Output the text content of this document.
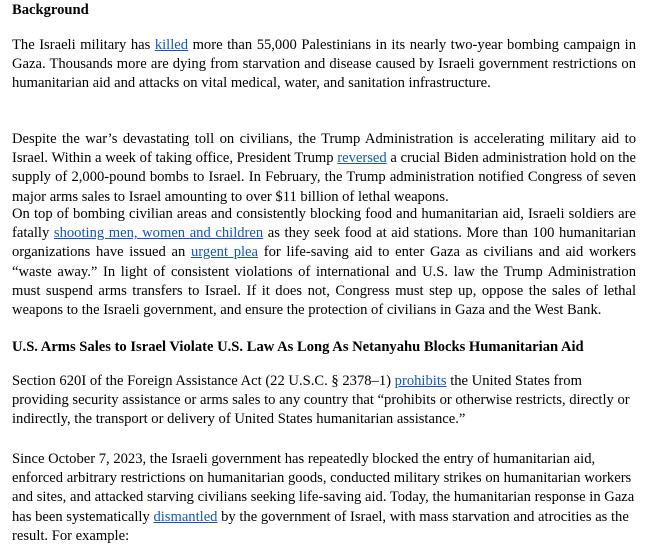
Background

The Israeli military has killed more than 55,000 Palestinians in its nearly two-year bombing campaign in Gaza. Thousands more are dying from starvation and disease caused by Israeli government restrictions on humanitarian aid and attacks on vital medical, water, and sanitation infrastructure.

Despite the war’s devastating toll on civilians, the Trump Administration is accelerating military aid to Israel. Within a week of taking office, President Trump reversed a crucial Biden administration hold on the supply of 2,000-pound bombs to Israel. In February, the Trump administration notified Congress of seven major arms sales to Israel amounting to over $11 billion of lethal weapons.

On top of bombing civilian areas and consistently blocking food and humanitarian aid, Israeli soldiers are fatally shooting men, women and children as they seek food at aid stations. More than 100 humanitarian organizations have issued an urgent plea for life-saving aid to enter Gaza as civilians and aid workers “waste away.” In light of consistent violations of international and U.S. law the Trump Administration must suspend arms transfers to Israel. If it does not, Congress must step up, oppose the sales of lethal weapons to the Israeli government, and ensure the protection of civilians in Gaza and the West Bank.

U.S. Arms Sales to Israel Violate U.S. Law As Long As Netanyahu Blocks Humanitarian Aid

Section 620I of the Foreign Assistance Act (22 U.S.C. § 2378–1) prohibits the United States from providing security assistance or arms sales to any country that “prohibits or otherwise restricts, directly or indirectly, the transport or delivery of United States humanitarian assistance.”

Since October 7, 2023, the Israeli government has repeatedly blocked the entry of humanitarian aid, enforced arbitrary restrictions on humanitarian goods, conducted military strikes on humanitarian workers and sites, and attacked starving civilians seeking life-saving aid. Today, the humanitarian response in Gaza has been systematically dismantled by the government of Israel, with mass starvation and atrocities as the result. For example:
